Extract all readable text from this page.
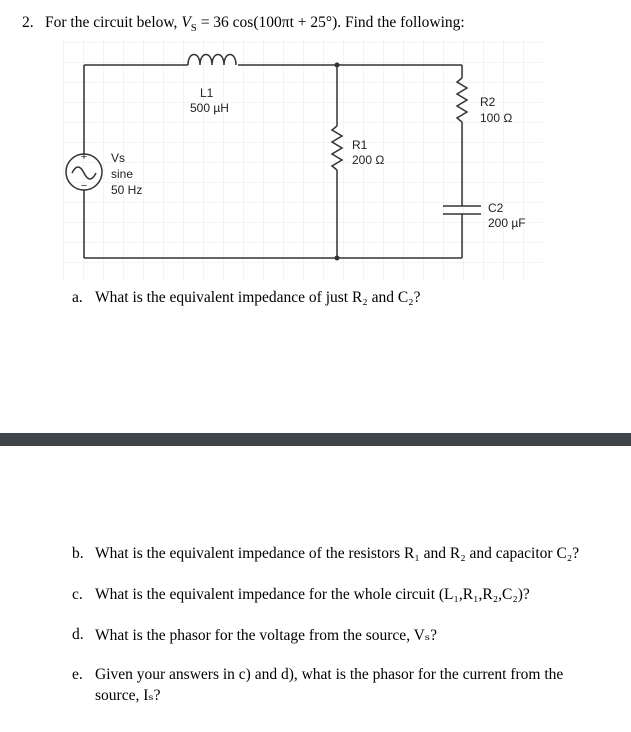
2. For the circuit below, $V_S = 36$ cos(100πt + 25°). Find the following:
+
−
L1
500 µH
R1
200 Ω
R2
100 Ω
C2
200 µF
Vs
sine
50 Hz
a. What is the equivalent impedance of just R₂ and C₂?
b. What is the equivalent impedance of the resistors R₁ and R₂ and capacitor C₂?
c. What is the equivalent impedance for the whole circuit (L₁,R₁,R₂,C₂)?
d. What is the phasor for the voltage from the source, Vₛ?
e. Given your answers in c) and d), what is the phasor for the current from the
source, Iₛ?
